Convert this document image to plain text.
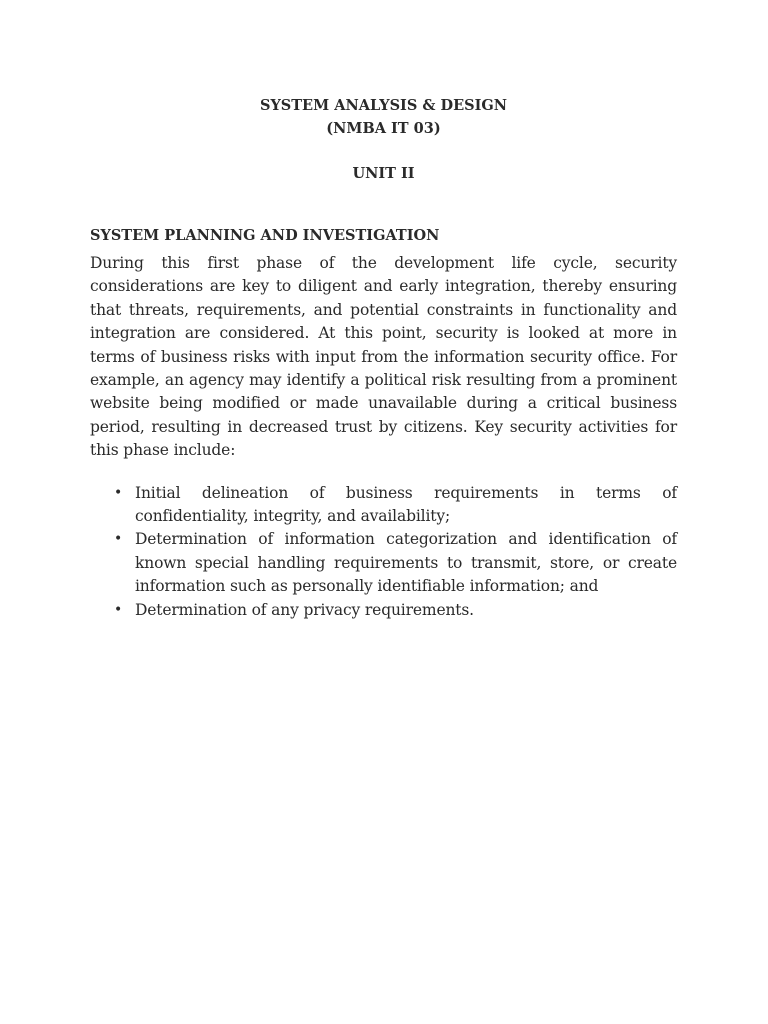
SYSTEM ANALYSIS & DESIGN

(NMBA IT 03)

UNIT II

SYSTEM PLANNING AND INVESTIGATION

During this first phase of the development life cycle, security considerations are key to diligent and early integration, thereby ensuring that threats, requirements, and potential constraints in functionality and integration are considered. At this point, security is looked at more in terms of business risks with input from the information security office. For example, an agency may identify a political risk resulting from a prominent website being modified or made unavailable during a critical business period, resulting in decreased trust by citizens. Key security activities for this phase include:

• Initial delineation of business requirements in terms of confidentiality, integrity, and availability;
• Determination of information categorization and identification of known special handling requirements to transmit, store, or create information such as personally identifiable information; and
• Determination of any privacy requirements.
